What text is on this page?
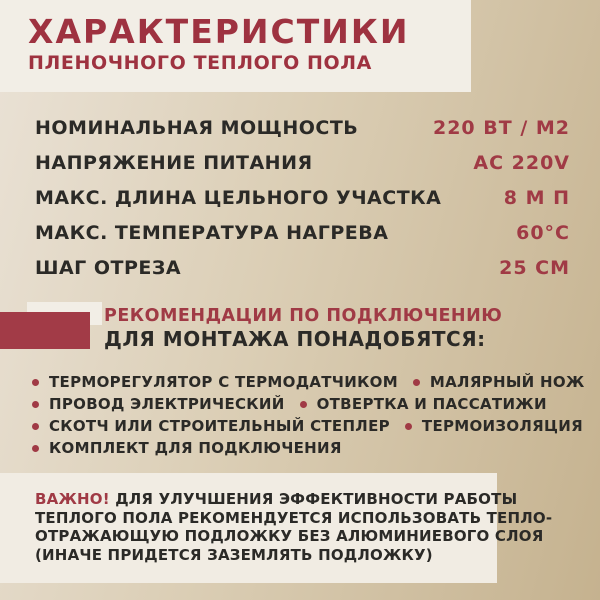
ХАРАКТЕРИСТИКИ
ПЛЕНОЧНОГО ТЕПЛОГО ПОЛА
НОМИНАЛЬНАЯ МОЩНОСТЬ	220 ВТ / М2
НАПРЯЖЕНИЕ ПИТАНИЯ	AC 220V
МАКС. ДЛИНА ЦЕЛЬНОГО УЧАСТКА	8 М П
МАКС. ТЕМПЕРАТУРА НАГРЕВА	60°С
ШАГ ОТРЕЗА	25 СМ
РЕКОМЕНДАЦИИ ПО ПОДКЛЮЧЕНИЮ
ДЛЯ МОНТАЖА ПОНАДОБЯТСЯ:
ТЕРМОРЕГУЛЯТОР С ТЕРМОДАТЧИКОМ МАЛЯРНЫЙ НОЖ
ПРОВОД ЭЛЕКТРИЧЕСКИЙ ОТВЕРТКА И ПАССАТИЖИ
СКОТЧ ИЛИ СТРОИТЕЛЬНЫЙ СТЕПЛЕР ТЕРМОИЗОЛЯЦИЯ
КОМПЛЕКТ ДЛЯ ПОДКЛЮЧЕНИЯ
ВАЖНО! ДЛЯ УЛУЧШЕНИЯ ЭФФЕКТИВНОСТИ РАБОТЫ
ТЕПЛОГО ПОЛА РЕКОМЕНДУЕТСЯ ИСПОЛЬЗОВАТЬ ТЕПЛО-
ОТРАЖАЮЩУЮ ПОДЛОЖКУ БЕЗ АЛЮМИНИЕВОГО СЛОЯ
(ИНАЧЕ ПРИДЕТСЯ ЗАЗЕМЛЯТЬ ПОДЛОЖКУ)
